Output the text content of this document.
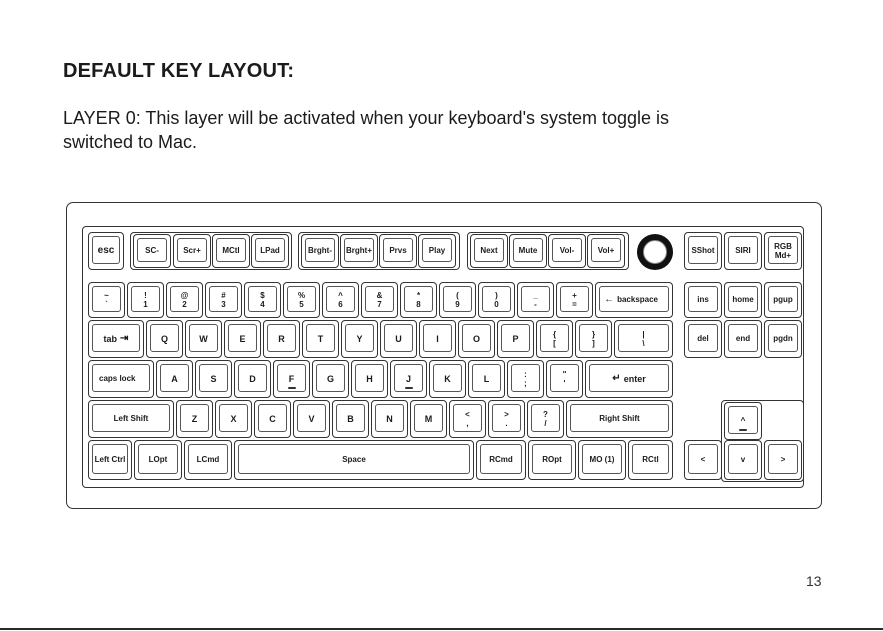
DEFAULT KEY LAYOUT:
LAYER 0: This layer will be activated when your keyboard's system toggle is switched to Mac.
esc	SC-	Scr+	MCtl	LPad	Brght- Brght+ Prvs	Play	Next	Mute	Vol-	Vol+	SShot	SIRI	RGB
Md+
~
`
!
1
@
2
#
3
$
4
%
5
^
6
&
7
*
8
(
9
)
0
_
-
+
=	← backspace	ins	home pgup
tab ⇥	Q	W	E	R	T	Y	U	I	O	P	{
[
}
]
|
\
del	end	pgdn
caps lock	A	S	D	F	G	H	J	K	L	:
;
"
'	↵ enter
Left Shift	Z	X	C	V	B	N	M	<
,
>
.
?
/
Right Shift	^
Left Ctrl	LOpt	LCmd	Space	RCmd	ROpt	MO (1)	RCtl	<	v	>
13
